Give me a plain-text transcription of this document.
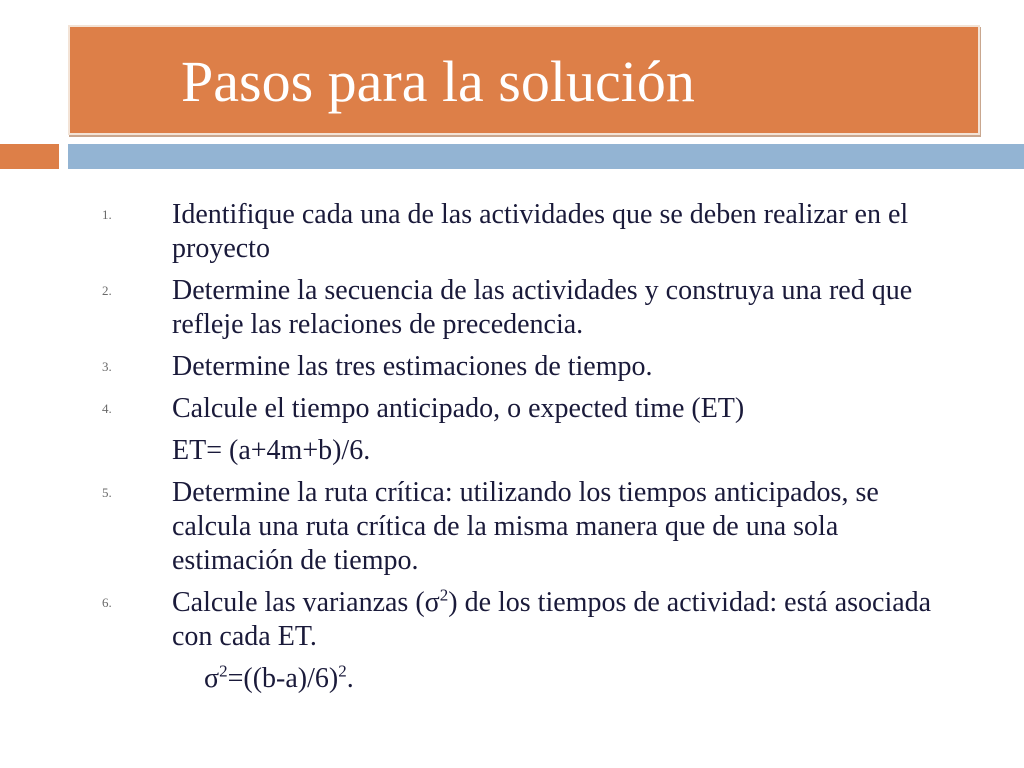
Pasos para la solución
1.	Identifique cada una de las actividades que se deben realizar en el proyecto
2.	Determine la secuencia de las actividades y construya una red que refleje las relaciones de precedencia.
3.	Determine las tres estimaciones de tiempo.
4.	Calcule el tiempo anticipado, o expected time (ET)
ET= (a+4m+b)/6.
5.	Determine la ruta crítica: utilizando los tiempos anticipados, se calcula una ruta crítica de la misma manera que de una sola estimación de tiempo.
6.	Calcule las varianzas $(\sigma^2)$ de los tiempos de actividad: está asociada con cada ET.
$\sigma^2=((b-a)/6)^2$.
